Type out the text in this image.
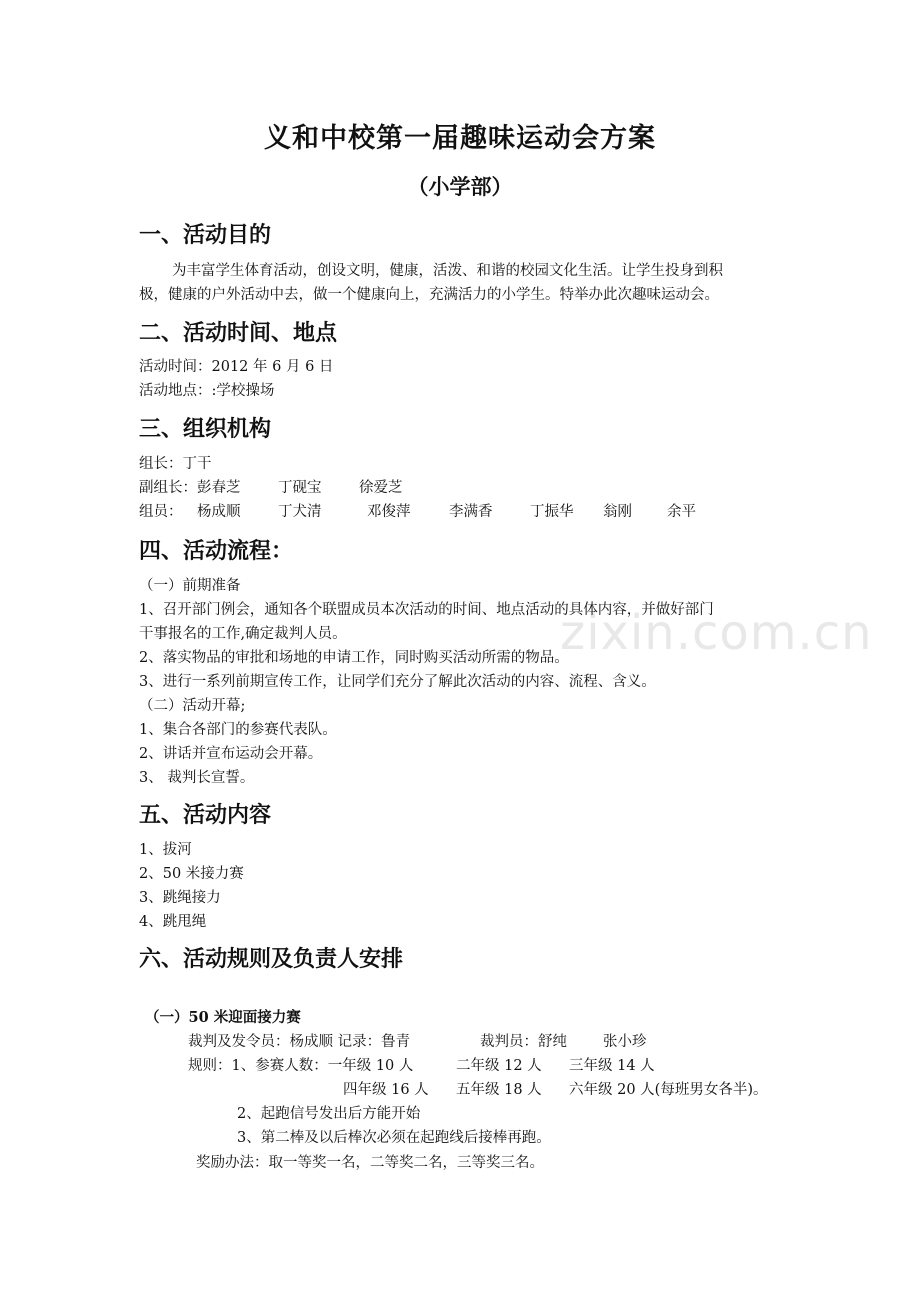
zixin.com.cn
义和中校第一届趣味运动会方案
（小学部）
一、活动目的
为丰富学生体育活动，创设文明，健康，活泼、和谐的校园文化生活。让学生投身到积
极，健康的户外活动中去，做一个健康向上，充满活力的小学生。特举办此次趣味运动会。
二、活动时间、地点
活动时间：2012 年 6 月 6 日
活动地点：:学校操场
三、组织机构
组长：丁干
副组长：彭春芝	丁砚宝	徐爱芝
组员： 杨成顺	丁犬清	邓俊萍	李满香	丁振华 翁刚 余平
四、活动流程：
（一）前期准备
1、召开部门例会，通知各个联盟成员本次活动的时间、地点活动的具体内容，并做好部门
干事报名的工作,确定裁判人员。
2、落实物品的审批和场地的申请工作，同时购买活动所需的物品。
3、进行一系列前期宣传工作，让同学们充分了解此次活动的内容、流程、含义。
（二）活动开幕;
1、集合各部门的参赛代表队。
2、讲话并宣布运动会开幕。
3、 裁判长宣誓。
五、活动内容
1、拔河
2、50 米接力赛
3、跳绳接力
4、跳甩绳
六、活动规则及负责人安排
（一）50 米迎面接力赛
裁判及发令员：杨成顺 记录：鲁青	裁判员：舒纯 张小珍
规则：1、参赛人数：一年级 10 人	二年级 12 人 三年级 14 人
四年级 16 人 五年级 18 人 六年级 20 人(每班男女各半)。
2、起跑信号发出后方能开始
3、第二棒及以后棒次必须在起跑线后接棒再跑。
奖励办法：取一等奖一名，二等奖二名，三等奖三名。
